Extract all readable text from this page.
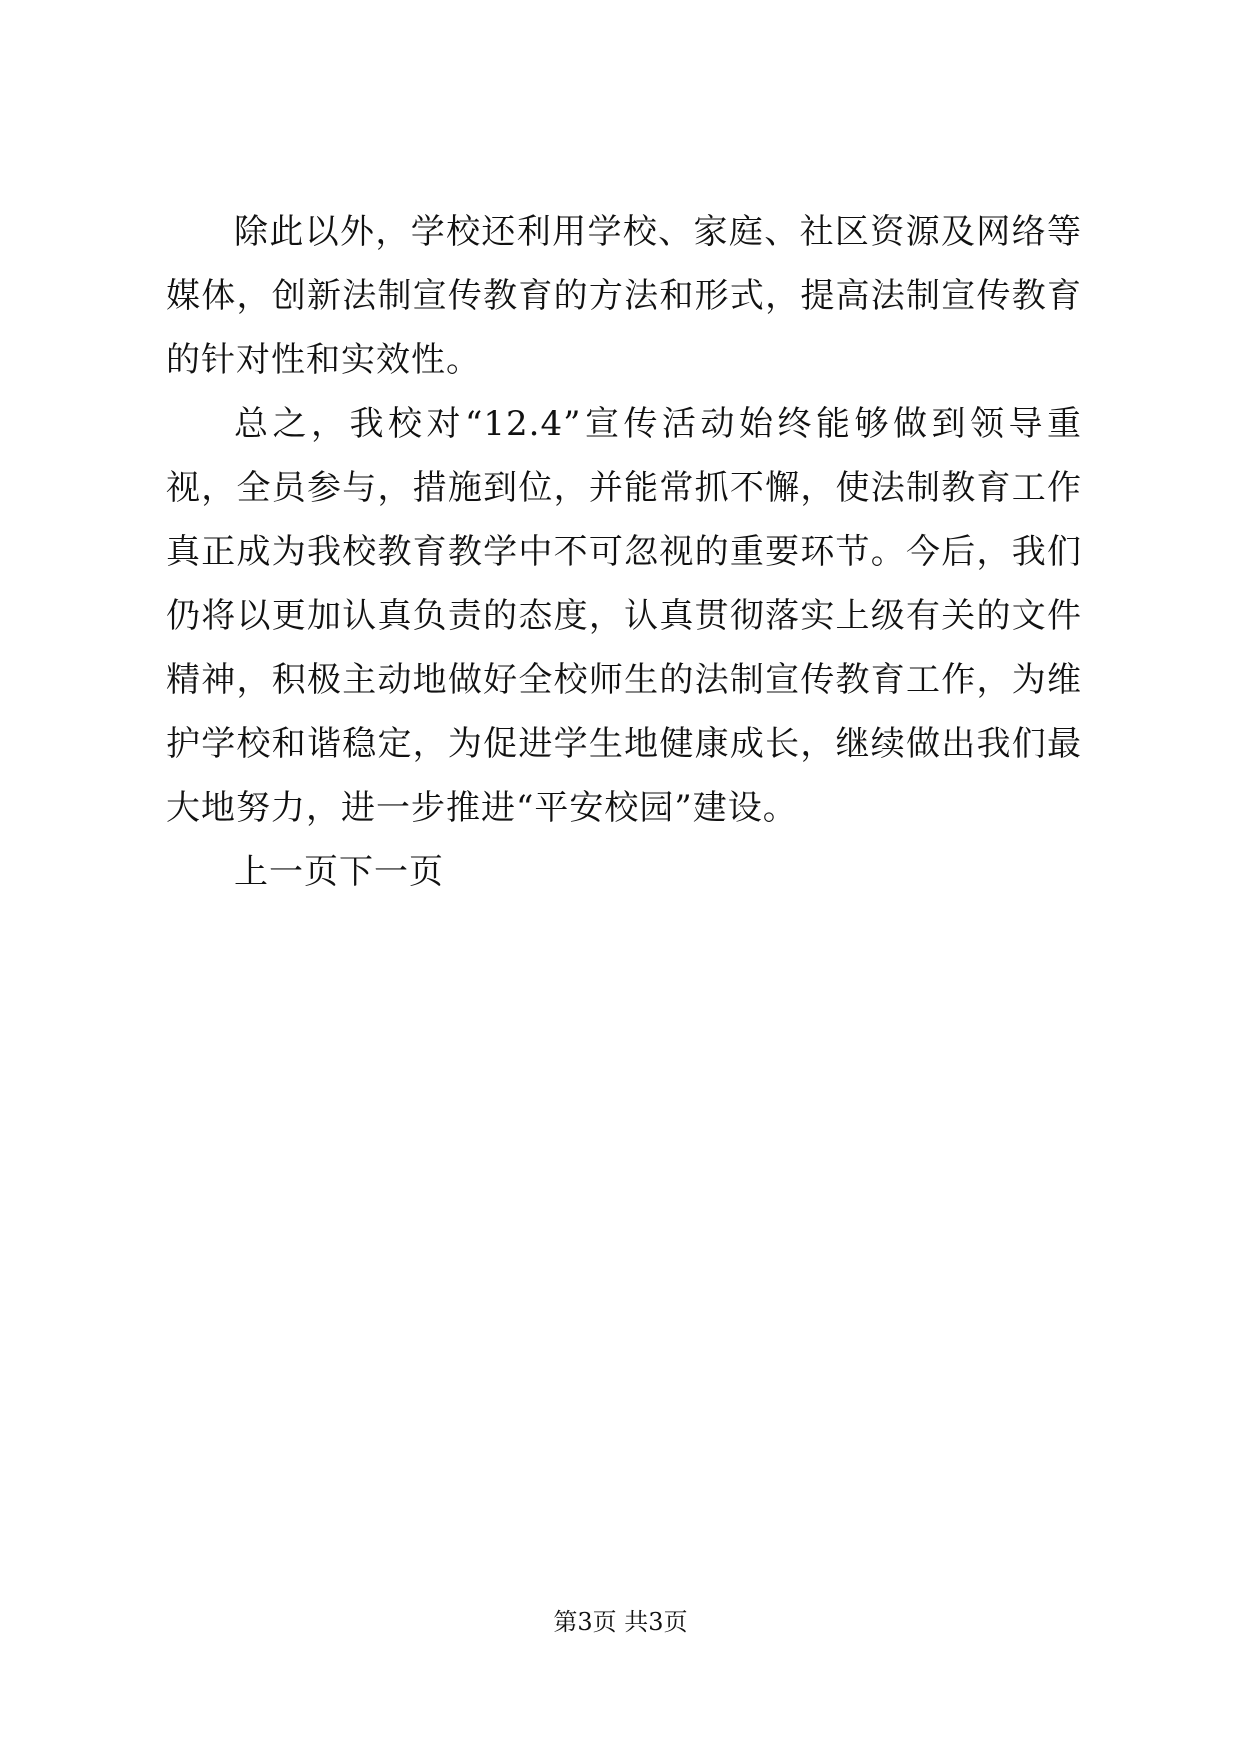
除此以外，学校还利用学校、家庭、社区资源及网络等媒体，创新法制宣传教育的方法和形式，提高法制宣传教育的针对性和实效性。

总之，我校对“12.4”宣传活动始终能够做到领导重视，全员参与，措施到位，并能常抓不懈，使法制教育工作真正成为我校教育教学中不可忽视的重要环节。今后，我们仍将以更加认真负责的态度，认真贯彻落实上级有关的文件精神，积极主动地做好全校师生的法制宣传教育工作，为维护学校和谐稳定，为促进学生地健康成长，继续做出我们最大地努力，进一步推进“平安校园”建设。

上一页下一页

第3页 共3页
